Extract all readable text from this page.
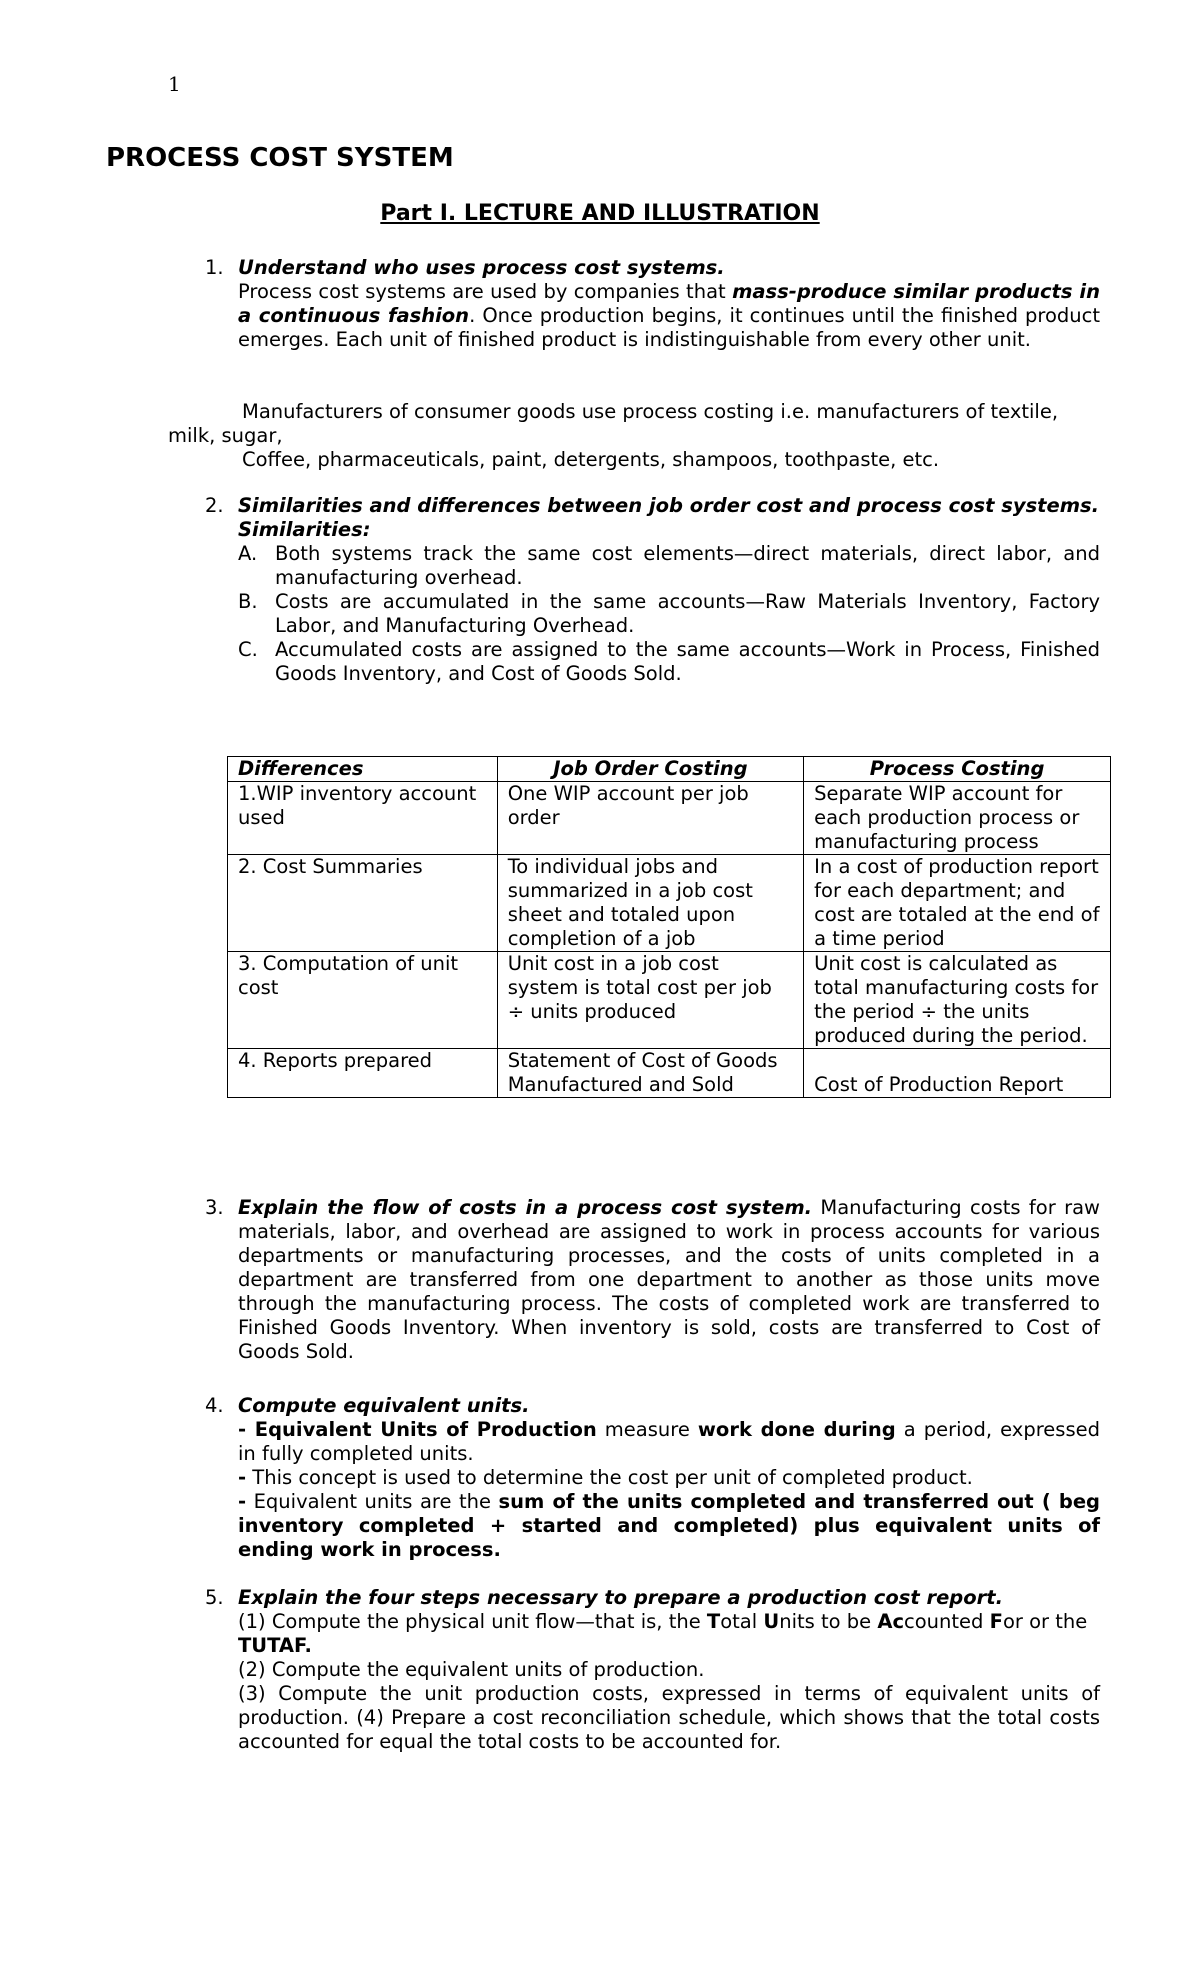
1
PROCESS COST SYSTEM
Part I. LECTURE AND ILLUSTRATION
1. Understand who uses process cost systems.
Process cost systems are used by companies that mass-produce similar products in a continuous fashion. Once production begins, it continues until the finished product emerges. Each unit of finished product is indistinguishable from every other unit.
Manufacturers of consumer goods use process costing i.e. manufacturers of textile,
milk, sugar,
Coffee, pharmaceuticals, paint, detergents, shampoos, toothpaste, etc.
2. Similarities and differences between job order cost and process cost systems.
Similarities:
A. Both systems track the same cost elements—direct materials, direct labor, and manufacturing overhead.
B. Costs are accumulated in the same accounts—Raw Materials Inventory, Factory Labor, and Manufacturing Overhead.
C. Accumulated costs are assigned to the same accounts—Work in Process, Finished Goods Inventory, and Cost of Goods Sold.
Differences	Job Order Costing	Process Costing
1.WIP inventory account used	One WIP account per job order	Separate WIP account for each production process or manufacturing process
2. Cost Summaries	To individual jobs and summarized in a job cost sheet and totaled upon completion of a job	In a cost of production report for each department; and cost are totaled at the end of a time period
3. Computation of unit cost	Unit cost in a job cost system is total cost per job ÷ units produced	Unit cost is calculated as total manufacturing costs for the period ÷ the units produced during the period.
4. Reports prepared	Statement of Cost of Goods Manufactured and Sold	Cost of Production Report
3. Explain the flow of costs in a process cost system. Manufacturing costs for raw materials, labor, and overhead are assigned to work in process accounts for various departments or manufacturing processes, and the costs of units completed in a department are transferred from one department to another as those units move through the manufacturing process. The costs of completed work are transferred to Finished Goods Inventory. When inventory is sold, costs are transferred to Cost of Goods Sold.
4. Compute equivalent units.
- Equivalent Units of Production measure work done during a period, expressed in fully completed units.
- This concept is used to determine the cost per unit of completed product.
- Equivalent units are the sum of the units completed and transferred out ( beg inventory completed + started and completed) plus equivalent units of ending work in process.
5. Explain the four steps necessary to prepare a production cost report.

(1) Compute the physical unit flow—that is, the Total Units to be Accounted For or the TUTAF.

(2) Compute the equivalent units of production.

(3) Compute the unit production costs, expressed in terms of equivalent units of production. (4) Prepare a cost reconciliation schedule, which shows that the total costs accounted for equal the total costs to be accounted for.
